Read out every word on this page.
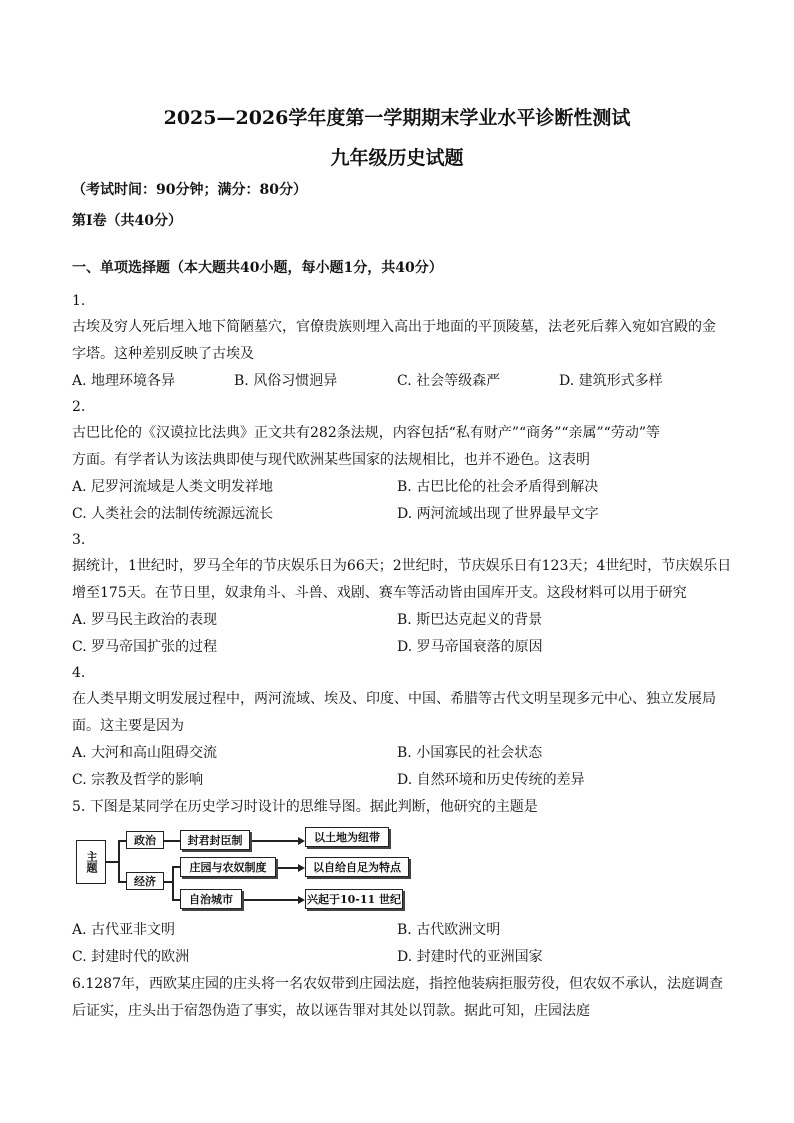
2025—2026学年度第一学期期末学业水平诊断性测试
九年级历史试题
（考试时间：90分钟；满分：80分）
第Ⅰ卷（共40分）
一、单项选择题（本大题共40小题，每小题1分，共40分）
1.
古埃及穷人死后埋入地下简陋墓穴，官僚贵族则埋入高出于地面的平顶陵墓，法老死后葬入宛如宫殿的金
字塔。这种差别反映了古埃及
A. 地理环境各异	B. 风俗习惯迥异	C. 社会等级森严	D. 建筑形式多样
2.
古巴比伦的《汉谟拉比法典》正文共有282条法规，内容包括“私有财产”“商务”“亲属”“劳动”等
方面。有学者认为该法典即使与现代欧洲某些国家的法规相比，也并不逊色。这表明
A. 尼罗河流域是人类文明发祥地	B. 古巴比伦的社会矛盾得到解决
C. 人类社会的法制传统源远流长	D. 两河流域出现了世界最早文字
3.
据统计，1世纪时，罗马全年的节庆娱乐日为66天；2世纪时，节庆娱乐日有123天；4世纪时，节庆娱乐日
增至175天。在节日里，奴隶角斗、斗兽、戏剧、赛车等活动皆由国库开支。这段材料可以用于研究
A. 罗马民主政治的表现	B. 斯巴达克起义的背景
C. 罗马帝国扩张的过程	D. 罗马帝国衰落的原因
4.
在人类早期文明发展过程中，两河流域、埃及、印度、中国、希腊等古代文明呈现多元中心、独立发展局
面。这主要是因为
A. 大河和高山阻碍交流	B. 小国寡民的社会状态
C. 宗教及哲学的影响	D. 自然环境和历史传统的差异
5. 下图是某同学在历史学习时设计的思维导图。据此判断，他研究的主题是
主题
政治
经济
封君封臣制
庄园与农奴制度
自治城市
以土地为纽带
以自给自足为特点
兴起于10-11 世纪
A. 古代亚非文明	B. 古代欧洲文明
C. 封建时代的欧洲	D. 封建时代的亚洲国家
6.1287年，西欧某庄园的庄头将一名农奴带到庄园法庭，指控他装病拒服劳役，但农奴不承认，法庭调查
后证实，庄头出于宿怨伪造了事实，故以诬告罪对其处以罚款。据此可知，庄园法庭
